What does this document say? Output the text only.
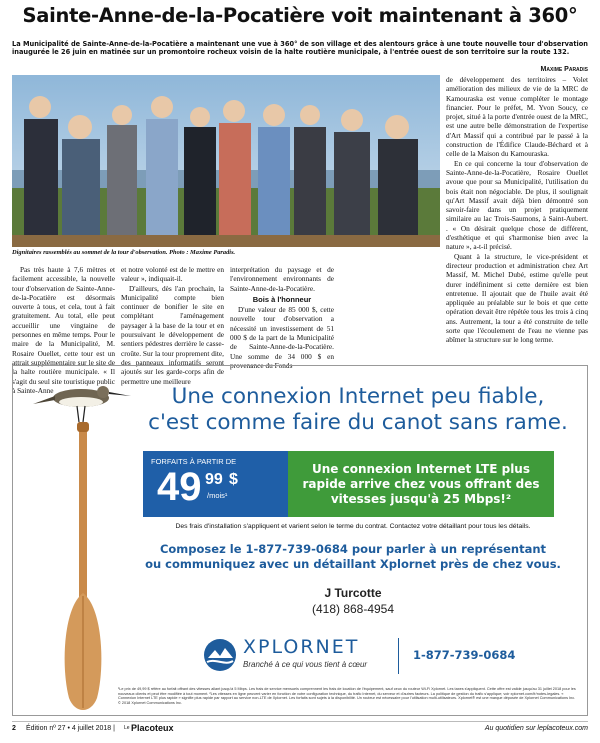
Sainte-Anne-de-la-Pocatière voit maintenant à 360°
La Municipalité de Sainte-Anne-de-la-Pocatière a maintenant une vue à 360° de son village et des alentours grâce à une toute nouvelle tour d'observation inaugurée le 26 juin en matinée sur un promontoire rocheux voisin de la halte routière municipale, à l'entrée ouest de son territoire sur la route 132.
Maxime Paradis
Dignitaires rassemblés au sommet de la tour d'observation. Photo : Maxime Paradis.

Pas très haute à 7,6 mètres et facilement accessible, la nouvelle tour d'observation de Sainte-Anne-de-la-Pocatière est désormais ouverte à tous, et cela, tout à fait gratuitement. Au total, elle peut accueillir une vingtaine de personnes en même temps. Pour le maire de la Municipalité, M. Rosaire Ouellet, cette tour est un attrait supplémentaire sur le site de la halte routière municipale. « Il s'agit du seul site touristique public à Sainte-Anne

et notre volonté est de le mettre en valeur », indiquait-il.

D'ailleurs, dès l'an prochain, la Municipalité compte bien continuer de bonifier le site en complétant l'aménagement paysager à la base de la tour et en poursuivant le développement de sentiers pédestres derrière le casse-croûte. Sur la tour proprement dite, des panneaux informatifs seront ajoutés sur les garde-corps afin de permettre une meilleure

interprétation du paysage et de l'environnement environnants de Sainte-Anne-de-la-Pocatière.

Bois à l'honneur

D'une valeur de 85 000 $, cette nouvelle tour d'observation a nécessité un investissement de 51 000 $ de la part de la Municipalité de Sainte-Anne-de-la-Pocatière. Une somme de 34 000 $ en provenance du Fonds

de développement des territoires – Volet amélioration des milieux de vie de la MRC de Kamouraska est venue compléter le montage financier. Pour le préfet, M. Yvon Soucy, ce projet, situé à la porte d'entrée ouest de la MRC, est une autre belle démonstration de l'expertise d'Art Massif qui a contribué par le passé à la construction de l'Édifice Claude-Béchard et à celle de la Maison du Kamouraska.

En ce qui concerne la tour d'observation de Sainte-Anne-de-la-Pocatière, Rosaire Ouellet avoue que pour sa Municipalité, l'utilisation du bois était non négociable. De plus, il soulignait qu'Art Massif avait déjà bien démontré son savoir-faire dans un projet pratiquement similaire au lac Trois-Saumons, à Saint-Aubert. . « On désirait quelque chose de différent, d'esthétique et qui s'harmonise bien avec la nature », a-t-il précisé.

Quant à la structure, le vice-président et directeur production et administration chez Art Massif, M. Michel Dubé, estime qu'elle peut durer indéfiniment si cette dernière est bien entretenue. Il ajoutait que de l'huile avait été appliquée au préalable sur le bois et que cette opération devait être répétée tous les trois à cinq ans. Autrement, la tour a été construite de telle sorte que l'écoulement de l'eau ne vienne pas abîmer la structure sur le long terme.

Une connexion Internet peu fiable,
c'est comme faire du canot sans rame.
FORFAITS À PARTIR DE
49 99 $
/mois¹
Une connexion Internet LTE plus rapide arrive chez vous offrant des vitesses jusqu'à 25 Mbps!²
Des frais d'installation s'appliquent et varient selon le terme du contrat. Contactez votre détaillant pour tous les détails.
Composez le 1-877-739-0684 pour parler à un représentant
ou communiquez avec un détaillant Xplornet près de chez vous.
J Turcotte
(418) 868-4954
XPLORNET
Branché à ce qui vous tient à cœur
1-877-739-0684
¹Le prix de 49,99 $ réfère au forfait offrant des vitesses allant jusqu'à 5 Mbps. Les frais de service mensuels comprennent les frais de location de l'équipement, sauf ceux du routeur Wi-Fi Xplornet. Les taxes s'appliquent. Cette offre est valide jusqu'au 31 juillet 2018 pour les nouveaux clients et peut être modifiée à tout moment. ²Les vitesses en ligne peuvent varier en fonction de votre configuration technique, du trafic Internet, du serveur et d'autres facteurs. La politique de gestion du trafic s'applique; voir xplornet.com/fr/notes-legales. « Connexion Internet LTE plus rapide » signifie plus rapide par rapport au service non-LTE de Xplornet. Les forfaits sont sujets à la disponibilité. Un routeur est nécessaire pour l'utilisation multi-utilisateurs. Xplornet® est une marque déposée de Xplornet Communications Inc. © 2018 Xplornet Communications Inc.
2 Édition nº 27 • 4 juillet 2018 | Le Placoteux	Au quotidien sur leplacoteux.com
